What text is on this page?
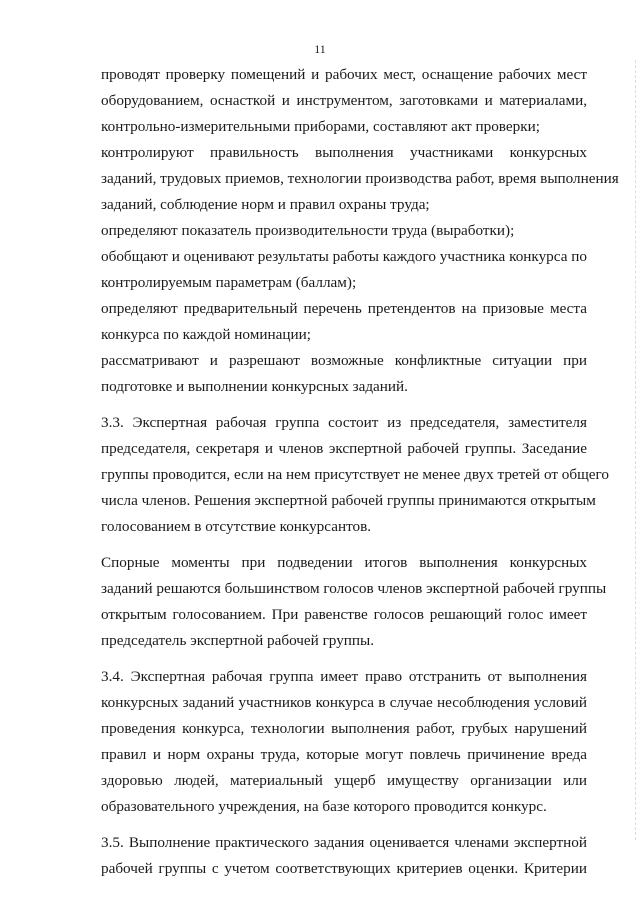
11

проводят проверку помещений и рабочих мест, оснащение рабочих мест
оборудованием, оснасткой и инструментом, заготовками и материалами,
контрольно-измерительными приборами, составляют акт проверки;

контролируют правильность выполнения участниками конкурсных
заданий, трудовых приемов, технологии производства работ, время выполнения
заданий, соблюдение норм и правил охраны труда;

определяют показатель производительности труда (выработки);

обобщают и оценивают результаты работы каждого участника конкурса по
контролируемым параметрам (баллам);

определяют предварительный перечень претендентов на призовые места
конкурса по каждой номинации;

рассматривают и разрешают возможные конфликтные ситуации при
подготовке и выполнении конкурсных заданий.

3.3. Экспертная рабочая группа состоит из председателя, заместителя
председателя, секретаря и членов экспертной рабочей группы. Заседание
группы проводится, если на нем присутствует не менее двух третей от общего
числа членов. Решения экспертной рабочей группы принимаются открытым
голосованием в отсутствие конкурсантов.

Спорные моменты при подведении итогов выполнения конкурсных
заданий решаются большинством голосов членов экспертной рабочей группы
открытым голосованием. При равенстве голосов решающий голос имеет
председатель экспертной рабочей группы.

3.4. Экспертная рабочая группа имеет право отстранить от выполнения
конкурсных заданий участников конкурса в случае несоблюдения условий
проведения конкурса, технологии выполнения работ, грубых нарушений
правил и норм охраны труда, которые могут повлечь причинение вреда
здоровью людей, материальный ущерб имуществу организации или
образовательного учреждения, на базе которого проводится конкурс.

3.5. Выполнение практического задания оценивается членами экспертной
рабочей группы с учетом соответствующих критериев оценки. Критерии
